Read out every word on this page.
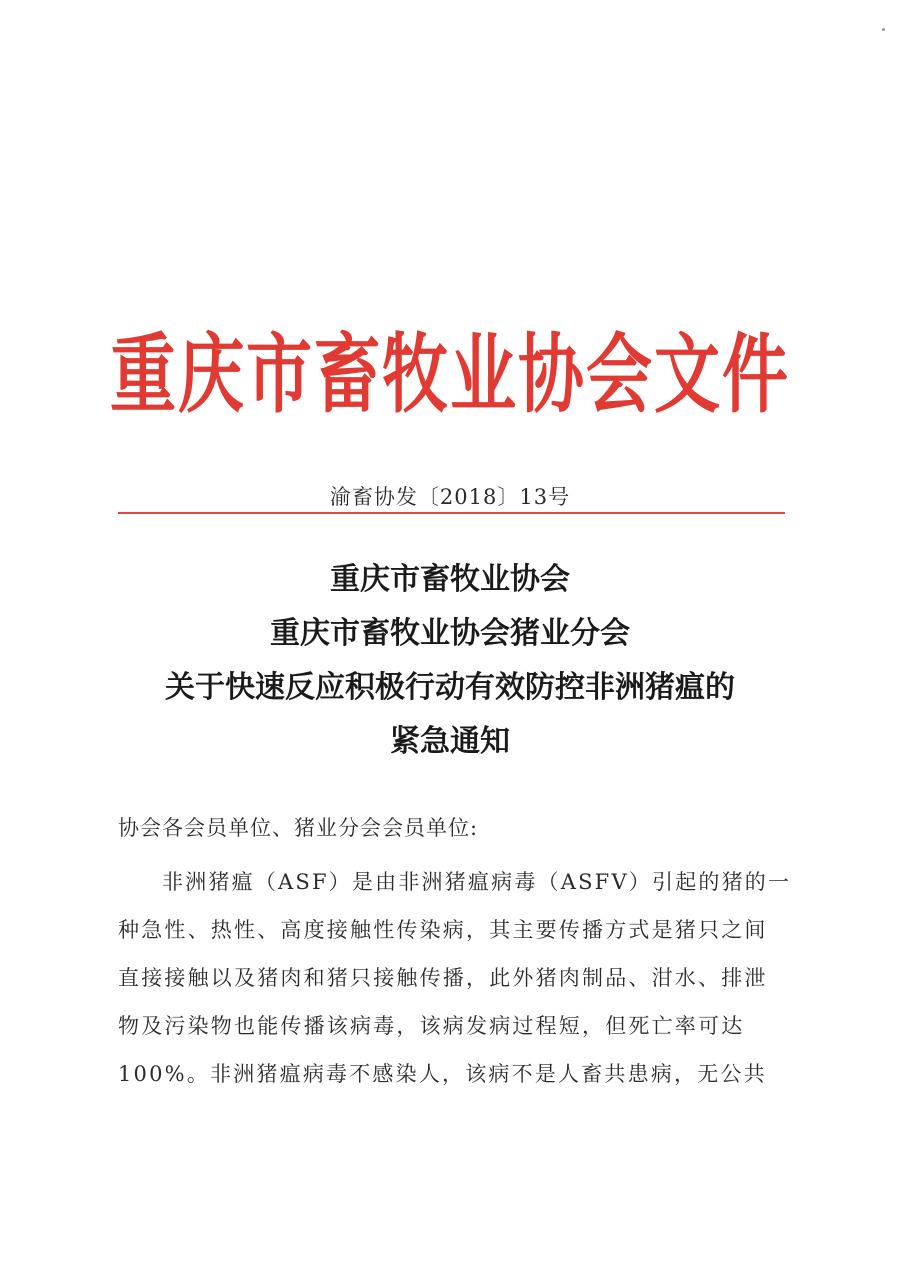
重庆市畜牧业协会文件
渝畜协发〔2018〕13号
重庆市畜牧业协会
重庆市畜牧业协会猪业分会
关于快速反应积极行动有效防控非洲猪瘟的
紧急通知
协会各会员单位、猪业分会会员单位:
非洲猪瘟（ASF）是由非洲猪瘟病毒（ASFV）引起的猪的一
种急性、热性、高度接触性传染病，其主要传播方式是猪只之间
直接接触以及猪肉和猪只接触传播，此外猪肉制品、泔水、排泄
物及污染物也能传播该病毒，该病发病过程短，但死亡率可达
100%。非洲猪瘟病毒不感染人，该病不是人畜共患病，无公共
